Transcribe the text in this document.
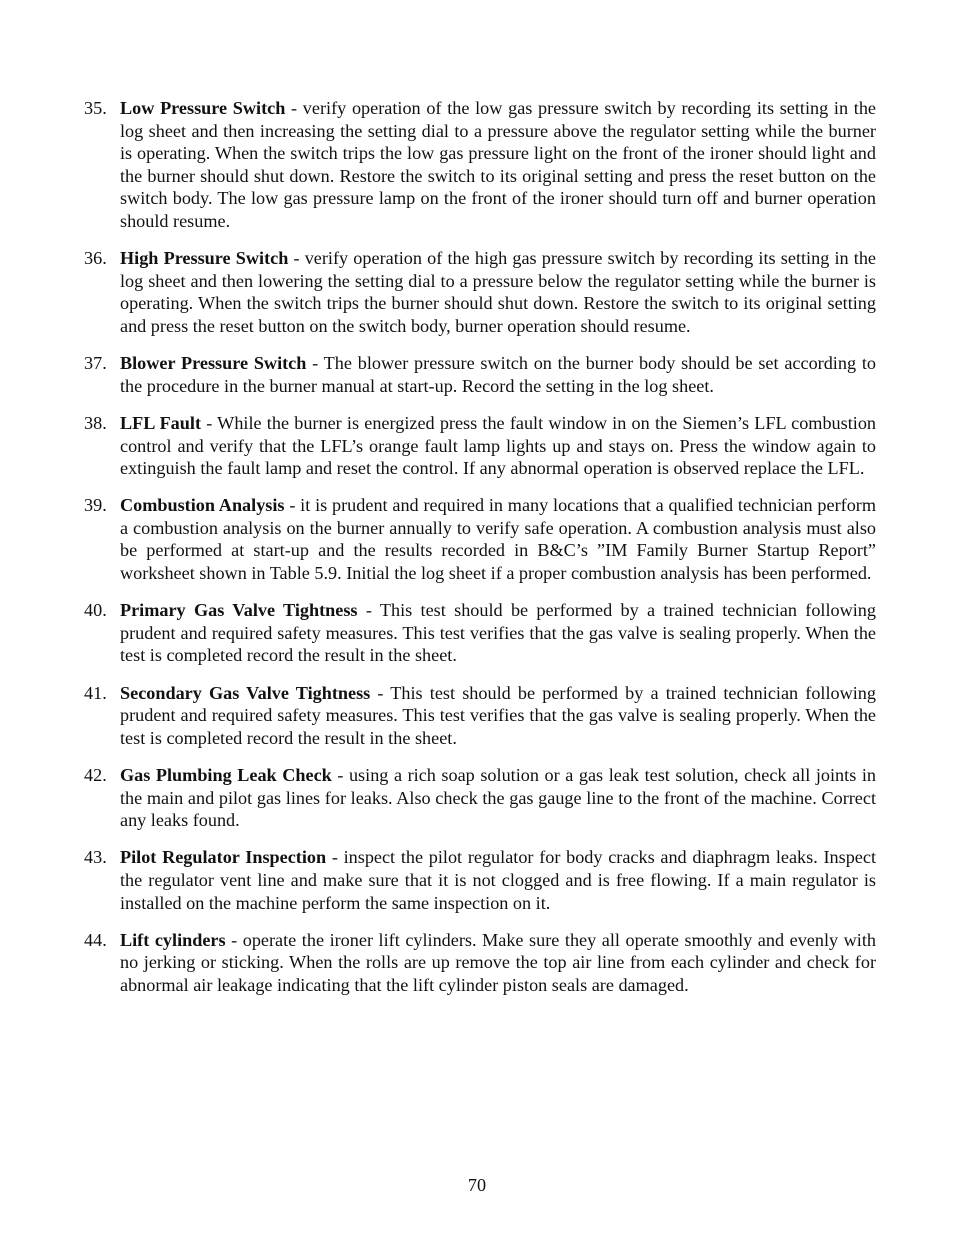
35. Low Pressure Switch - verify operation of the low gas pressure switch by recording its setting in the log sheet and then increasing the setting dial to a pressure above the regulator setting while the burner is operating. When the switch trips the low gas pressure light on the front of the ironer should light and the burner should shut down. Restore the switch to its original setting and press the reset button on the switch body. The low gas pressure lamp on the front of the ironer should turn off and burner operation should resume.
36. High Pressure Switch - verify operation of the high gas pressure switch by recording its setting in the log sheet and then lowering the setting dial to a pressure below the regulator setting while the burner is operating. When the switch trips the burner should shut down. Restore the switch to its original setting and press the reset button on the switch body, burner operation should resume.
37. Blower Pressure Switch - The blower pressure switch on the burner body should be set according to the procedure in the burner manual at start-up. Record the setting in the log sheet.
38. LFL Fault - While the burner is energized press the fault window in on the Siemen’s LFL combustion control and verify that the LFL’s orange fault lamp lights up and stays on. Press the window again to extinguish the fault lamp and reset the control. If any abnormal operation is observed replace the LFL.
39. Combustion Analysis - it is prudent and required in many locations that a qualified technician perform a combustion analysis on the burner annually to verify safe operation. A combustion analysis must also be performed at start-up and the results recorded in B&C’s ”IM Family Burner Startup Report” worksheet shown in Table 5.9. Initial the log sheet if a proper combustion analysis has been performed.
40. Primary Gas Valve Tightness - This test should be performed by a trained technician following prudent and required safety measures. This test verifies that the gas valve is sealing properly. When the test is completed record the result in the sheet.
41. Secondary Gas Valve Tightness - This test should be performed by a trained technician following prudent and required safety measures. This test verifies that the gas valve is sealing properly. When the test is completed record the result in the sheet.
42. Gas Plumbing Leak Check - using a rich soap solution or a gas leak test solution, check all joints in the main and pilot gas lines for leaks. Also check the gas gauge line to the front of the machine. Correct any leaks found.
43. Pilot Regulator Inspection - inspect the pilot regulator for body cracks and diaphragm leaks. Inspect the regulator vent line and make sure that it is not clogged and is free flowing. If a main regulator is installed on the machine perform the same inspection on it.
44. Lift cylinders - operate the ironer lift cylinders. Make sure they all operate smoothly and evenly with no jerking or sticking. When the rolls are up remove the top air line from each cylinder and check for abnormal air leakage indicating that the lift cylinder piston seals are damaged.
70
